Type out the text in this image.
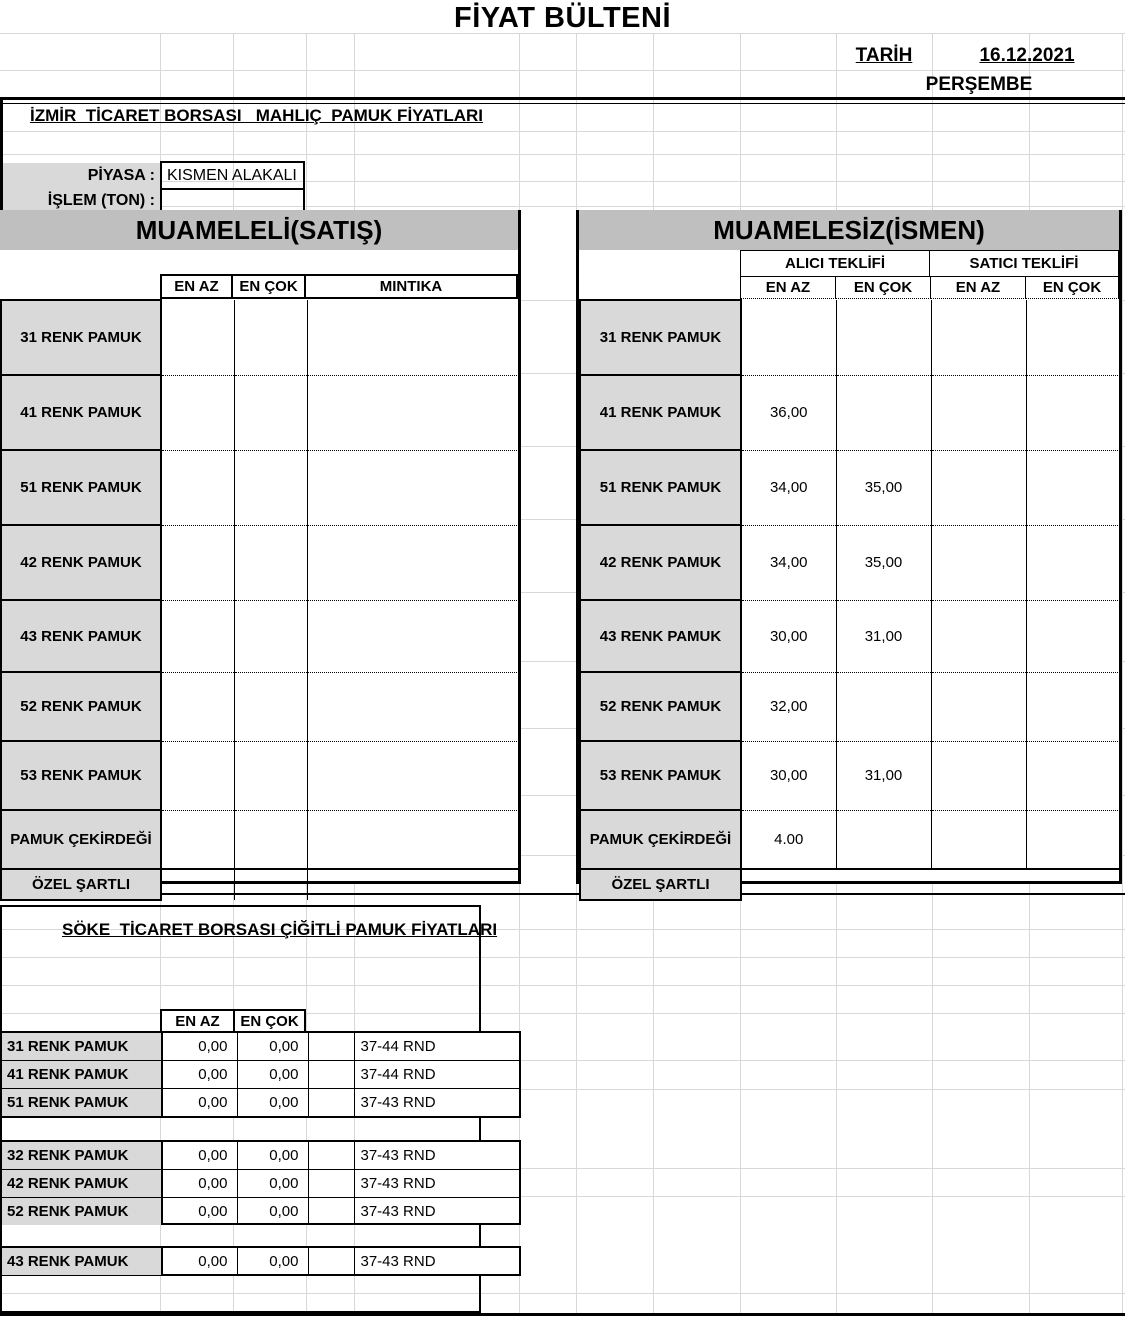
FİYAT BÜLTENİ
TARİH	16.12.2021
PERŞEMBE
İZMİR  TİCARET BORSASI   MAHLIÇ  PAMUK FİYATLARI
PİYASA : KISMEN ALAKALI
İŞLEM (TON) :
MUAMELELİ(SATIŞ)
EN AZ	EN ÇOK	MINTIKA
31 RENK PAMUK			
41 RENK PAMUK			
51 RENK PAMUK			
42 RENK PAMUK			
43 RENK PAMUK			
52 RENK PAMUK			
53 RENK PAMUK			
PAMUK ÇEKİRDEĞİ			
ÖZEL ŞARTLI			
MUAMELESİZ(İSMEN)
ALICI TEKLİFİ	SATICI TEKLİFİ
EN AZ	EN ÇOK	EN AZ	EN ÇOK
31 RENK PAMUK				
41 RENK PAMUK	36,00			
51 RENK PAMUK	34,00	35,00		
42 RENK PAMUK	34,00	35,00		
43 RENK PAMUK	30,00	31,00		
52 RENK PAMUK	32,00			
53 RENK PAMUK	30,00	31,00		
PAMUK ÇEKİRDEĞİ	4.00			
ÖZEL ŞARTLI				
SÖKE  TİCARET BORSASI ÇİĞİTLİ PAMUK FİYATLARI
EN AZ	EN ÇOK
31 RENK PAMUK	0,00	0,00		37-44 RND
41 RENK PAMUK	0,00	0,00		37-44 RND
51 RENK PAMUK	0,00	0,00		37-43 RND
32 RENK PAMUK	0,00	0,00		37-43 RND
42 RENK PAMUK	0,00	0,00		37-43 RND
52 RENK PAMUK	0,00	0,00		37-43 RND
43 RENK PAMUK	0,00	0,00		37-43 RND
